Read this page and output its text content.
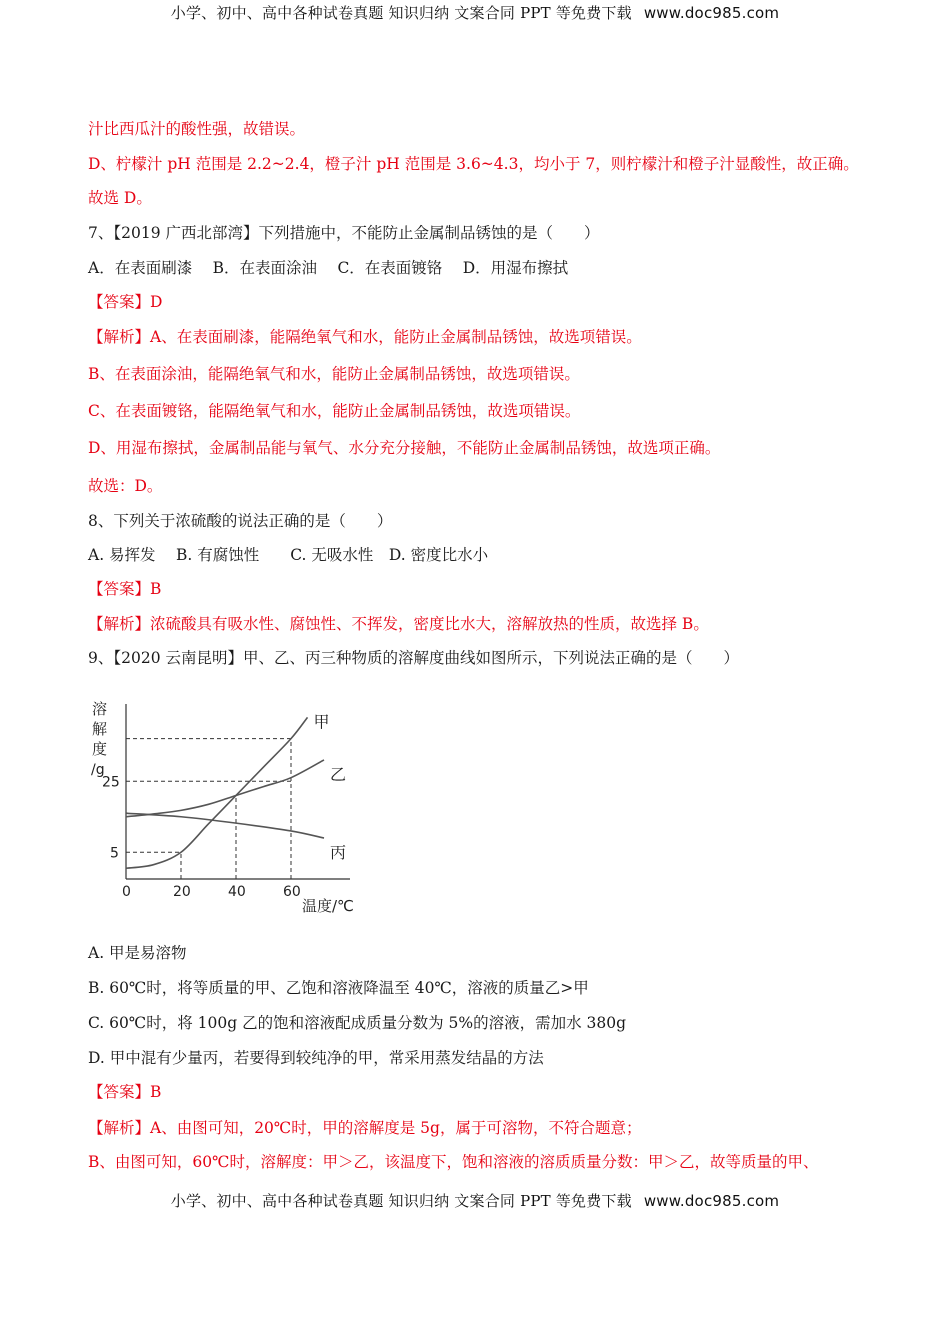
小学、初中、高中各种试卷真题 知识归纳 文案合同 PPT 等免费下载 www.doc985.com
汁比西瓜汁的酸性强，故错误。
D、柠檬汁 pH 范围是 2.2~2.4，橙子汁 pH 范围是 3.6~4.3，均小于 7，则柠檬汁和橙子汁显酸性，故正确。
故选 D。
7、【2019 广西北部湾】下列措施中，不能防止金属制品锈蚀的是（　　）
A．在表面刷漆　 B．在表面涂油　 C．在表面镀铬　 D．用湿布擦拭
【答案】D
【解析】A、在表面刷漆，能隔绝氧气和水，能防止金属制品锈蚀，故选项错误。
B、在表面涂油，能隔绝氧气和水，能防止金属制品锈蚀，故选项错误。
C、在表面镀铬，能隔绝氧气和水，能防止金属制品锈蚀，故选项错误。
D、用湿布擦拭，金属制品能与氧气、水分充分接触，不能防止金属制品锈蚀，故选项正确。
故选：D。
8、下列关于浓硫酸的说法正确的是（　　）
A. 易挥发　 B. 有腐蚀性　　C. 无吸水性　D. 密度比水小
【答案】B
【解析】浓硫酸具有吸水性、腐蚀性、不挥发，密度比水大，溶解放热的性质，故选择 B。
9、【2020 云南昆明】甲、乙、丙三种物质的溶解度曲线如图所示，下列说法正确的是（　　）
溶
解
度
/g
温度/℃
0	20	40	60
5
25
甲
乙
丙
A. 甲是易溶物
B. 60℃时，将等质量的甲、乙饱和溶液降温至 40℃，溶液的质量乙>甲
C. 60℃时，将 100g 乙的饱和溶液配成质量分数为 5%的溶液，需加水 380g
D. 甲中混有少量丙，若要得到较纯净的甲，常采用蒸发结晶的方法
【答案】B
【解析】A、由图可知，20℃时，甲的溶解度是 5g，属于可溶物，不符合题意；
B、由图可知，60℃时，溶解度：甲＞乙，该温度下，饱和溶液的溶质质量分数：甲＞乙，故等质量的甲、
小学、初中、高中各种试卷真题 知识归纳 文案合同 PPT 等免费下载 www.doc985.com
